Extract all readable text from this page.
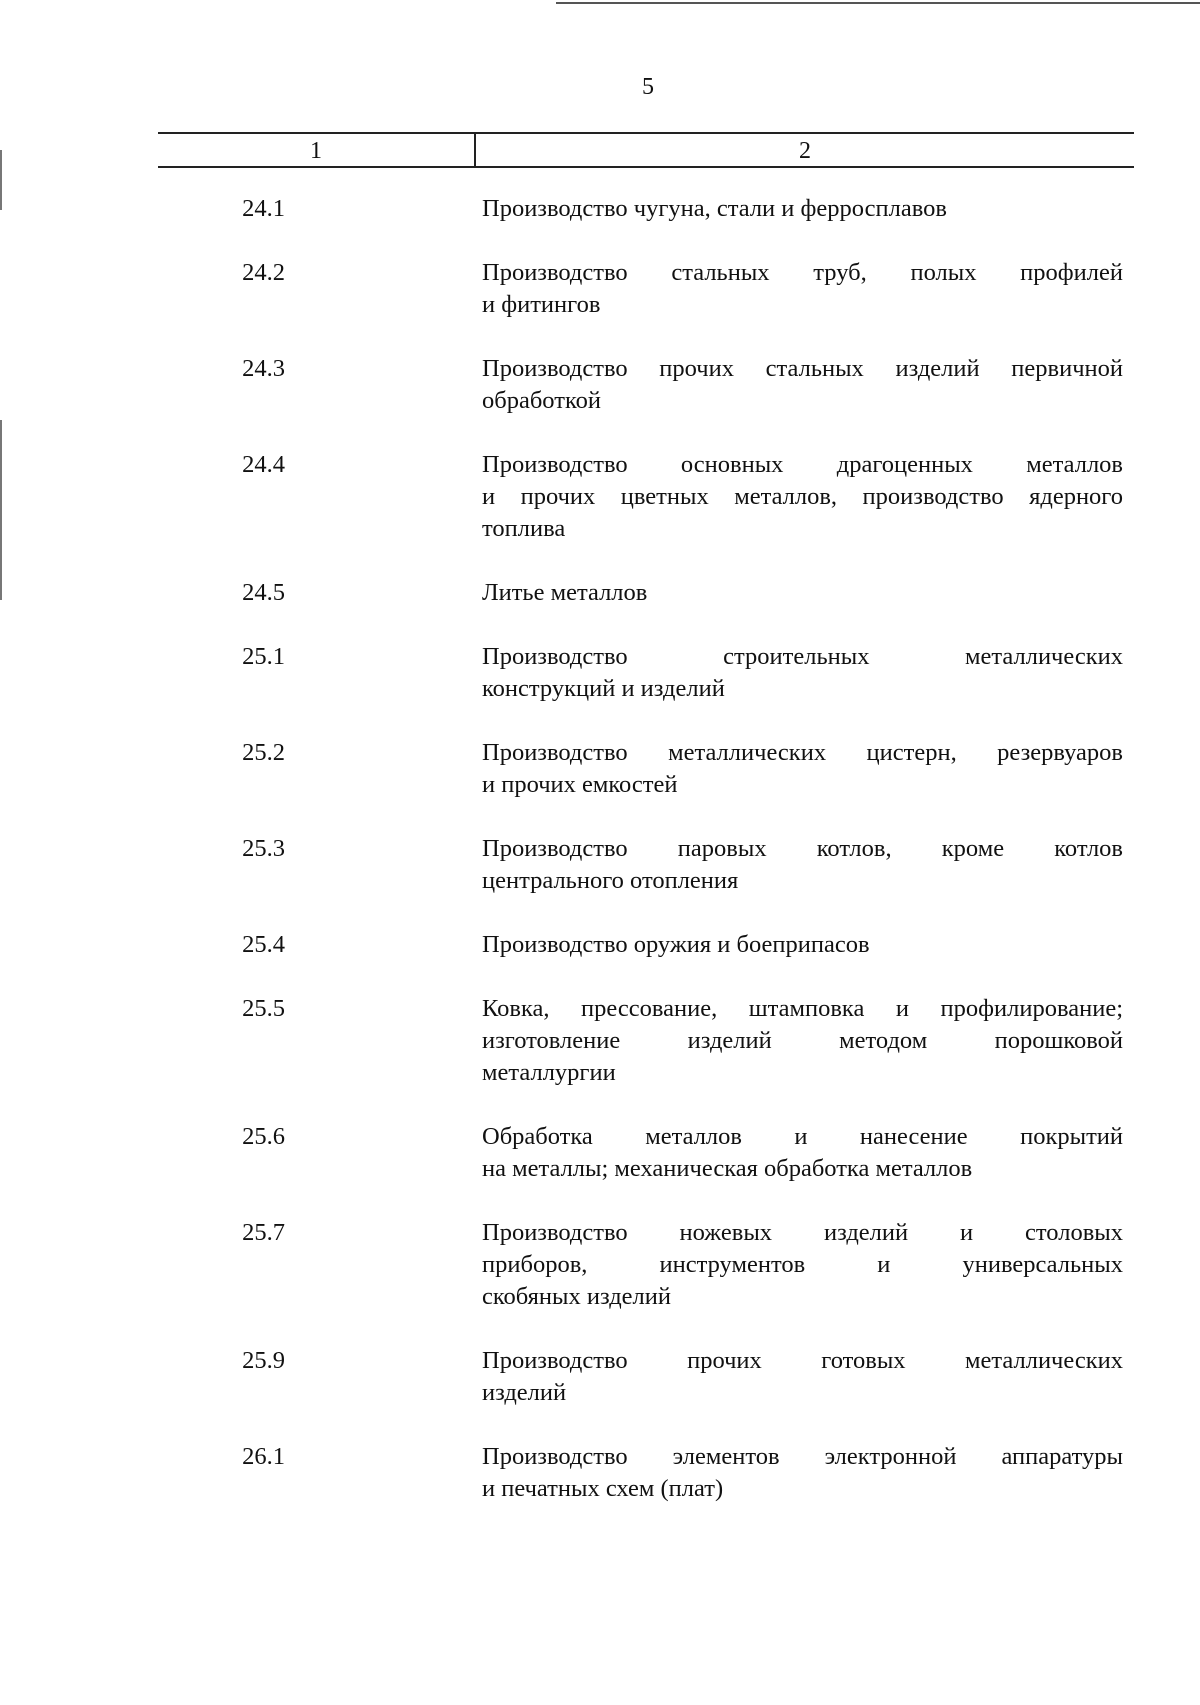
5
1	2
24.1	Производство чугуна, стали и ферросплавов
24.2	Производство стальных труб, полых профилей
и фитингов
24.3	Производство прочих стальных изделий первичной
обработкой
24.4	Производство основных драгоценных металлов
и прочих цветных металлов, производство ядерного
топлива
24.5	Литье металлов
25.1	Производство строительных металлических
конструкций и изделий
25.2	Производство металлических цистерн, резервуаров
и прочих емкостей
25.3	Производство паровых котлов, кроме котлов
центрального отопления
25.4	Производство оружия и боеприпасов
25.5	Ковка, прессование, штамповка и профилирование;
изготовление изделий методом порошковой
металлургии
25.6	Обработка металлов и нанесение покрытий
на металлы; механическая обработка металлов
25.7	Производство ножевых изделий и столовых
приборов, инструментов и универсальных
скобяных изделий
25.9	Производство прочих готовых металлических
изделий
26.1	Производство элементов электронной аппаратуры
и печатных схем (плат)
